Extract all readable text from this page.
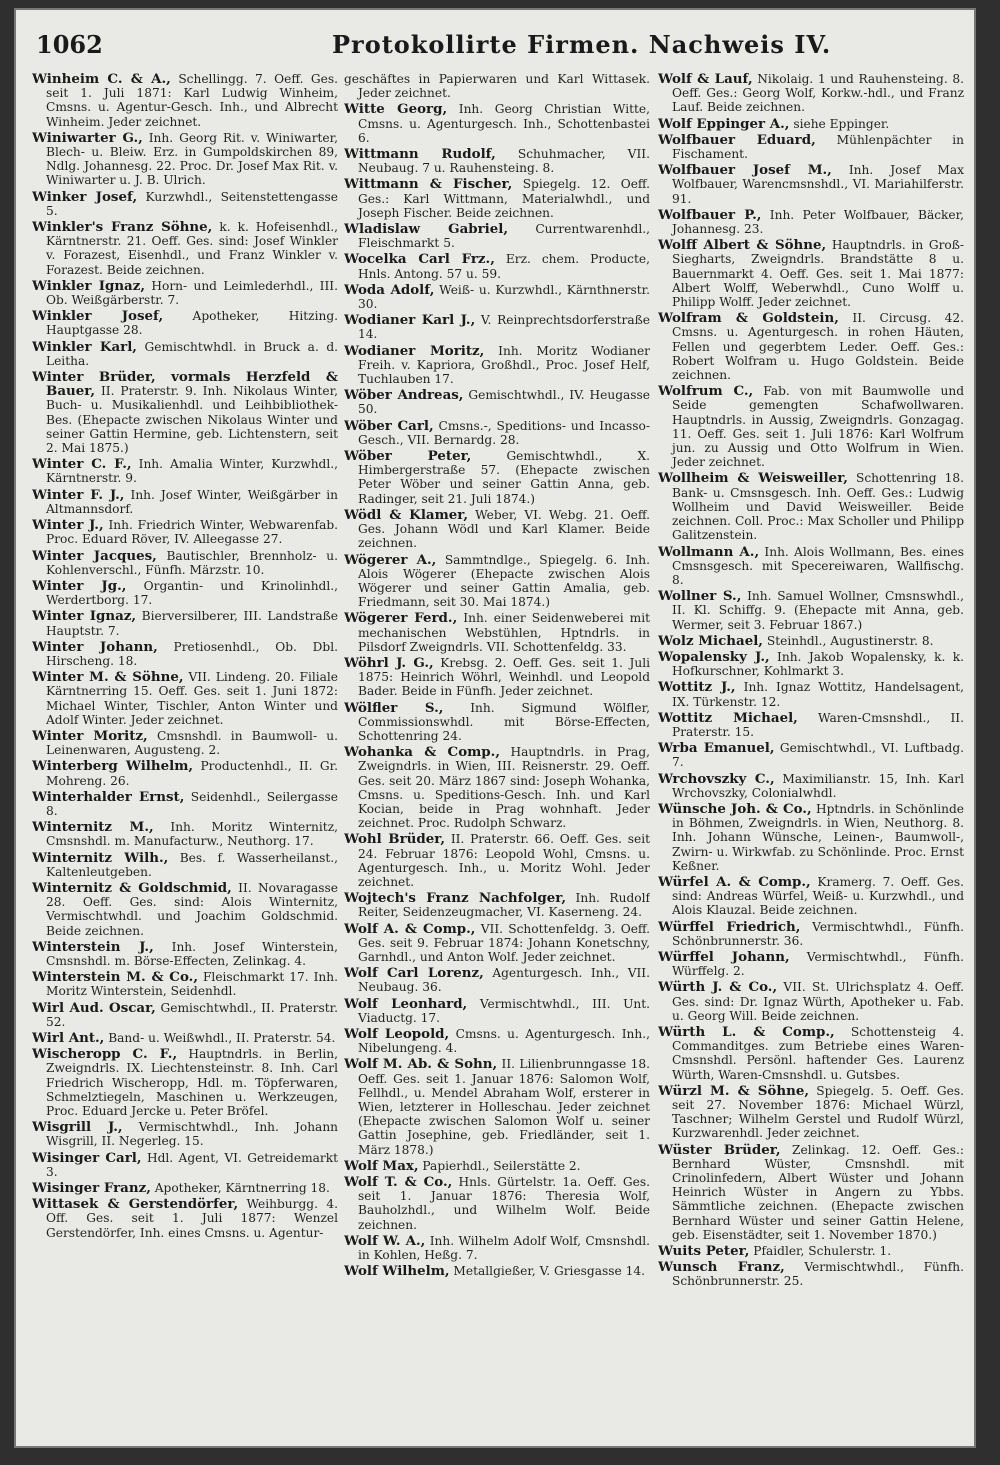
1062	Protokollirte Firmen. Nachweis IV.

Winheim C. & A., Schellingg. 7. Oeff. Ges. seit 1. Juli 1871: Karl Ludwig Winheim, Cmsns. u. Agentur-Gesch. Inh., und Albrecht Winheim. Jeder zeichnet.

Winiwarter G., Inh. Georg Rit. v. Winiwarter, Blech- u. Bleiw. Erz. in Gumpoldskirchen 89, Ndlg. Johannesg. 22. Proc. Dr. Josef Max Rit. v. Winiwarter u. J. B. Ulrich.

Winker Josef, Kurzwhdl., Seitenstettengasse 5.

Winkler's Franz Söhne, k. k. Hofeisenhdl., Kärntnerstr. 21. Oeff. Ges. sind: Josef Winkler v. Forazest, Eisenhdl., und Franz Winkler v. Forazest. Beide zeichnen.

Winkler Ignaz, Horn- und Leimlederhdl., III. Ob. Weißgärberstr. 7.

Winkler Josef, Apotheker, Hitzing. Hauptgasse 28.

Winkler Karl, Gemischtwhdl. in Bruck a. d. Leitha.

Winter Brüder, vormals Herzfeld & Bauer, II. Praterstr. 9. Inh. Nikolaus Winter, Buch- u. Musikalienhdl. und Leihbibliothek-Bes. (Ehepacte zwischen Nikolaus Winter und seiner Gattin Hermine, geb. Lichtenstern, seit 2. Mai 1875.)

Winter C. F., Inh. Amalia Winter, Kurzwhdl., Kärntnerstr. 9.

Winter F. J., Inh. Josef Winter, Weißgärber in Altmannsdorf.

Winter J., Inh. Friedrich Winter, Webwarenfab. Proc. Eduard Röver, IV. Alleegasse 27.

Winter Jacques, Bautischler, Brennholz- u. Kohlenverschl., Fünfh. Märzstr. 10.

Winter Jg., Organtin- und Krinolinhdl., Werdertborg. 17.

Winter Ignaz, Bierversilberer, III. Landstraße Hauptstr. 7.

Winter Johann, Pretiosenhdl., Ob. Dbl. Hirscheng. 18.

Winter M. & Söhne, VII. Lindeng. 20. Filiale Kärntnerring 15. Oeff. Ges. seit 1. Juni 1872: Michael Winter, Tischler, Anton Winter und Adolf Winter. Jeder zeichnet.

Winter Moritz, Cmsnshdl. in Baumwoll- u. Leinenwaren, Augusteng. 2.

Winterberg Wilhelm, Productenhdl., II. Gr. Mohreng. 26.

Winterhalder Ernst, Seidenhdl., Seilergasse 8.

Winternitz M., Inh. Moritz Winternitz, Cmsnshdl. m. Manufacturw., Neuthorg. 17.

Winternitz Wilh., Bes. f. Wasserheilanst., Kaltenleutgeben.

Winternitz & Goldschmid, II. Novaragasse 28. Oeff. Ges. sind: Alois Winternitz, Vermischtwhdl. und Joachim Goldschmid. Beide zeichnen.

Winterstein J., Inh. Josef Winterstein, Cmsnshdl. m. Börse-Effecten, Zelinkag. 4.

Winterstein M. & Co., Fleischmarkt 17. Inh. Moritz Winterstein, Seidenhdl.

Wirl Aud. Oscar, Gemischtwhdl., II. Praterstr. 52.

Wirl Ant., Band- u. Weißwhdl., II. Praterstr. 54.

Wischeropp C. F., Hauptndrls. in Berlin, Zweigndrls. IX. Liechtensteinstr. 8. Inh. Carl Friedrich Wischeropp, Hdl. m. Töpferwaren, Schmelztiegeln, Maschinen u. Werkzeugen, Proc. Eduard Jercke u. Peter Bröfel.

Wisgrill J., Vermischtwhdl., Inh. Johann Wisgrill, II. Negerleg. 15.

Wisinger Carl, Hdl. Agent, VI. Getreidemarkt 3.

Wisinger Franz, Apotheker, Kärntnerring 18.

Wittasek & Gerstendörfer, Weihburgg. 4. Off. Ges. seit 1. Juli 1877: Wenzel Gerstendörfer, Inh. eines Cmsns. u. Agentur-

geschäftes in Papierwaren und Karl Wittasek. Jeder zeichnet.

Witte Georg, Inh. Georg Christian Witte, Cmsns. u. Agenturgesch. Inh., Schottenbastei 6.

Wittmann Rudolf, Schuhmacher, VII. Neubaug. 7 u. Rauhensteing. 8.

Wittmann & Fischer, Spiegelg. 12. Oeff. Ges.: Karl Wittmann, Materialwhdl., und Joseph Fischer. Beide zeichnen.

Wladislaw Gabriel, Currentwarenhdl., Fleischmarkt 5.

Wocelka Carl Frz., Erz. chem. Producte, Hnls. Antong. 57 u. 59.

Woda Adolf, Weiß- u. Kurzwhdl., Kärnthnerstr. 30.

Wodianer Karl J., V. Reinprechtsdorferstraße 14.

Wodianer Moritz, Inh. Moritz Wodianer Freih. v. Kapriora, Großhdl., Proc. Josef Helf, Tuchlauben 17.

Wöber Andreas, Gemischtwhdl., IV. Heugasse 50.

Wöber Carl, Cmsns.-, Speditions- und Incasso-Gesch., VII. Bernardg. 28.

Wöber Peter,	Gemischtwhdl., X. Himbergerstraße 57. (Ehepacte zwischen Peter Wöber und seiner Gattin Anna, geb. Radinger, seit 21. Juli 1874.)

Wödl & Klamer, Weber, VI. Webg. 21. Oeff. Ges. Johann Wödl und Karl Klamer. Beide zeichnen.

Wögerer A., Sammtndlge., Spiegelg. 6. Inh. Alois Wögerer (Ehepacte zwischen Alois Wögerer und seiner Gattin Amalia, geb. Friedmann, seit 30. Mai 1874.)

Wögerer Ferd., Inh. einer Seidenweberei mit mechanischen Webstühlen, Hptndrls. in Pilsdorf Zweigndrls. VII. Schottenfeldg. 33.

Wöhrl J. G., Krebsg. 2. Oeff. Ges. seit 1. Juli 1875: Heinrich Wöhrl, Weinhdl. und Leopold Bader. Beide in Fünfh. Jeder zeichnet.

Wölfler S., Inh. Sigmund Wölfler, Commissionswhdl. mit Börse-Effecten, Schottenring 24.

Wohanka & Comp., Hauptndrls. in Prag, Zweigndrls. in Wien, III. Reisnerstr. 29. Oeff. Ges. seit 20. März 1867 sind: Joseph Wohanka, Cmsns. u. Speditions-Gesch. Inh. und Karl Kocian, beide in Prag wohnhaft. Jeder zeichnet. Proc. Rudolph Schwarz.

Wohl Brüder, II. Praterstr. 66. Oeff. Ges. seit 24. Februar 1876: Leopold Wohl, Cmsns. u. Agenturgesch. Inh., u. Moritz Wohl. Jeder zeichnet.

Wojtech's Franz Nachfolger, Inh. Rudolf Reiter, Seidenzeugmacher, VI. Kaserneng. 24.

Wolf A. & Comp., VII. Schottenfeldg. 3. Oeff. Ges. seit 9. Februar 1874: Johann Konetschny, Garnhdl., und Anton Wolf. Jeder zeichnet.

Wolf Carl Lorenz, Agenturgesch. Inh., VII. Neubaug. 36.

Wolf Leonhard, Vermischtwhdl., III. Unt. Viaductg. 17.

Wolf Leopold, Cmsns. u. Agenturgesch. Inh., Nibelungeng. 4.

Wolf M. Ab. & Sohn, II. Lilienbrunngasse 18. Oeff. Ges. seit 1. Januar 1876: Salomon Wolf, Fellhdl., u. Mendel Abraham Wolf, ersterer in Wien, letzterer in Holleschau. Jeder zeichnet (Ehepacte zwischen Salomon Wolf u. seiner Gattin Josephine, geb. Friedländer, seit 1. März 1878.)

Wolf Max, Papierhdl., Seilerstätte 2.

Wolf T. & Co., Hnls. Gürtelstr. 1a. Oeff. Ges. seit 1. Januar 1876: Theresia Wolf, Bauholzhdl., und Wilhelm Wolf. Beide zeichnen.

Wolf W. A., Inh. Wilhelm Adolf Wolf, Cmsnshdl. in Kohlen, Heßg. 7.

Wolf Wilhelm, Metallgießer, V. Griesgasse 14.

Wolf & Lauf, Nikolaig. 1 und Rauhensteing. 8. Oeff. Ges.: Georg Wolf, Korkw.-hdl., und Franz Lauf. Beide zeichnen.

Wolf Eppinger A., siehe Eppinger.

Wolfbauer Eduard, Mühlenpächter in Fischament.

Wolfbauer Josef M., Inh. Josef Max Wolfbauer, Warencmsnshdl., VI. Mariahilferstr. 91.

Wolfbauer P., Inh. Peter Wolfbauer, Bäcker, Johannesg. 23.

Wolff Albert & Söhne, Hauptndrls. in Groß-Siegharts, Zweigndrls. Brandstätte 8 u. Bauernmarkt 4. Oeff. Ges. seit 1. Mai 1877: Albert Wolff, Weberwhdl., Cuno Wolff u. Philipp Wolff. Jeder zeichnet.

Wolfram & Goldstein, II. Circusg. 42. Cmsns. u. Agenturgesch. in rohen Häuten, Fellen und gegerbtem Leder. Oeff. Ges.: Robert Wolfram u. Hugo Goldstein. Beide zeichnen.

Wolfrum C., Fab. von mit Baumwolle und Seide gemengten Schafwollwaren. Hauptndrls. in Aussig, Zweigndrls. Gonzagag. 11. Oeff. Ges. seit 1. Juli 1876: Karl Wolfrum jun. zu Aussig und Otto Wolfrum in Wien. Jeder zeichnet.

Wollheim & Weisweiller, Schottenring 18. Bank- u. Cmsnsgesch. Inh. Oeff. Ges.: Ludwig Wollheim und David Weisweiller. Beide zeichnen. Coll. Proc.: Max Scholler und Philipp Galitzenstein.

Wollmann A., Inh. Alois Wollmann, Bes. eines Cmsnsgesch. mit Specereiwaren, Wallfischg. 8.

Wollner S., Inh. Samuel Wollner, Cmsnswhdl., II. Kl. Schiffg. 9. (Ehepacte mit Anna, geb. Wermer, seit 3. Februar 1867.)

Wolz Michael, Steinhdl., Augustinerstr. 8.

Wopalensky J., Inh. Jakob Wopalensky, k. k. Hofkurschner, Kohlmarkt 3.

Wottitz J., Inh. Ignaz Wottitz, Handelsagent, IX. Türkenstr. 12.

Wottitz Michael, Waren-Cmsnshdl., II. Praterstr. 15.

Wrba Emanuel, Gemischtwhdl., VI. Luftbadg. 7.

Wrchovszky C., Maximilianstr. 15, Inh. Karl Wrchovszky, Colonialwhdl.

Wünsche Joh. & Co., Hptndrls. in Schönlinde in Böhmen, Zweigndrls. in Wien, Neuthorg. 8. Inh. Johann Wünsche, Leinen-, Baumwoll-, Zwirn- u. Wirkwfab. zu Schönlinde. Proc. Ernst Keßner.

Würfel A. & Comp., Kramerg. 7. Oeff. Ges. sind: Andreas Würfel, Weiß- u. Kurzwhdl., und Alois Klauzal. Beide zeichnen.

Würffel Friedrich, Vermischtwhdl., Fünfh. Schönbrunnerstr. 36.

Würffel Johann, Vermischtwhdl., Fünfh. Würffelg. 2.

Würth J. & Co., VII. St. Ulrichsplatz 4. Oeff. Ges. sind: Dr. Ignaz Würth, Apotheker u. Fab. u. Georg Will. Beide zeichnen.

Würth L. & Comp., Schottensteig 4. Commanditges. zum Betriebe eines Waren-Cmsnshdl. Persönl. haftender Ges. Laurenz Würth, Waren-Cmsnshdl. u. Gutsbes.

Würzl M. & Söhne, Spiegelg. 5. Oeff. Ges. seit 27. November 1876: Michael Würzl, Taschner; Wilhelm Gerstel und Rudolf Würzl, Kurzwarenhdl. Jeder zeichnet.

Wüster Brüder, Zelinkag. 12. Oeff. Ges.: Bernhard Wüster, Cmsnshdl. mit Crinolinfedern, Albert Wüster und Johann Heinrich Wüster in Angern zu Ybbs. Sämmtliche zeichnen. (Ehepacte zwischen Bernhard Wüster und seiner Gattin Helene, geb. Eisenstädter, seit 1. November 1870.)

Wuits Peter, Pfaidler, Schulerstr. 1.

Wunsch Franz, Vermischtwhdl., Fünfh. Schönbrunnerstr. 25.
